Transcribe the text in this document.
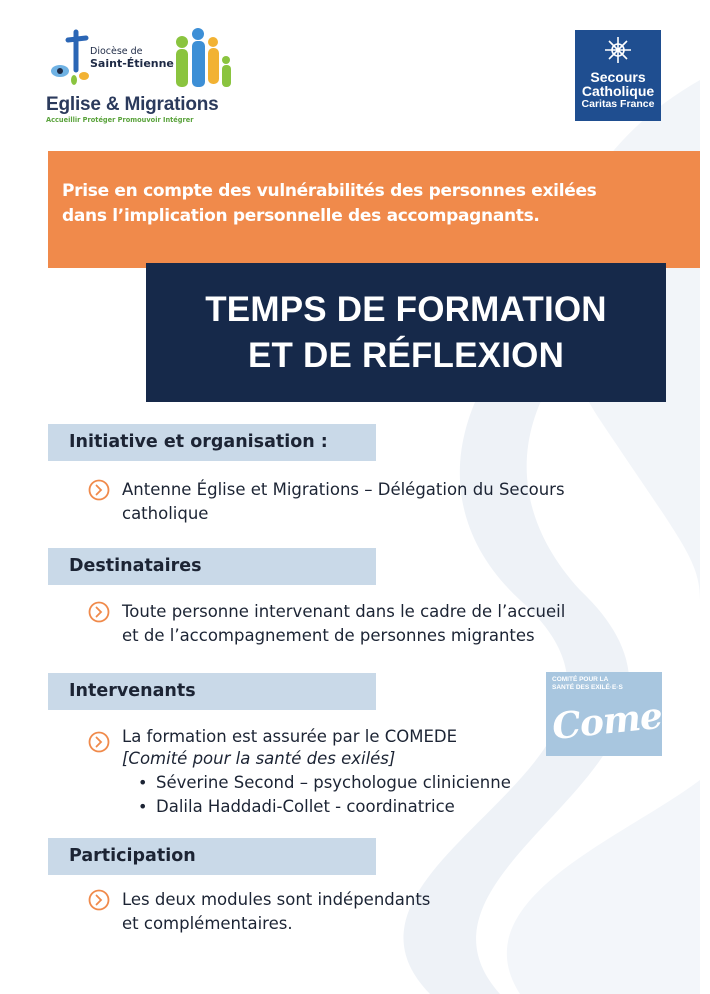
Diocèse de
Saint-Étienne
Eglise & Migrations
Accueillir Protéger Promouvoir Intégrer
Secours
Catholique
Caritas France

Prise en compte des vulnérabilités des personnes exilées
dans l’implication personnelle des accompagnants.

TEMPS DE FORMATION
ET DE RÉFLEXION
Initiative et organisation :
Antenne Église et Migrations – Délégation du Secours
catholique
Destinataires
Toute personne intervenant dans le cadre de l’accueil
et de l’accompagnement de personnes migrantes
Intervenants
La formation est assurée par le COMEDE
[Comité pour la santé des exilés]
• Séverine Second – psychologue clinicienne
• Dalila Haddadi-Collet - coordinatrice
COMITÉ POUR LA
SANTÉ DES EXILÉ·E·S
Comede
Participation
Les deux modules sont indépendants
et complémentaires.
